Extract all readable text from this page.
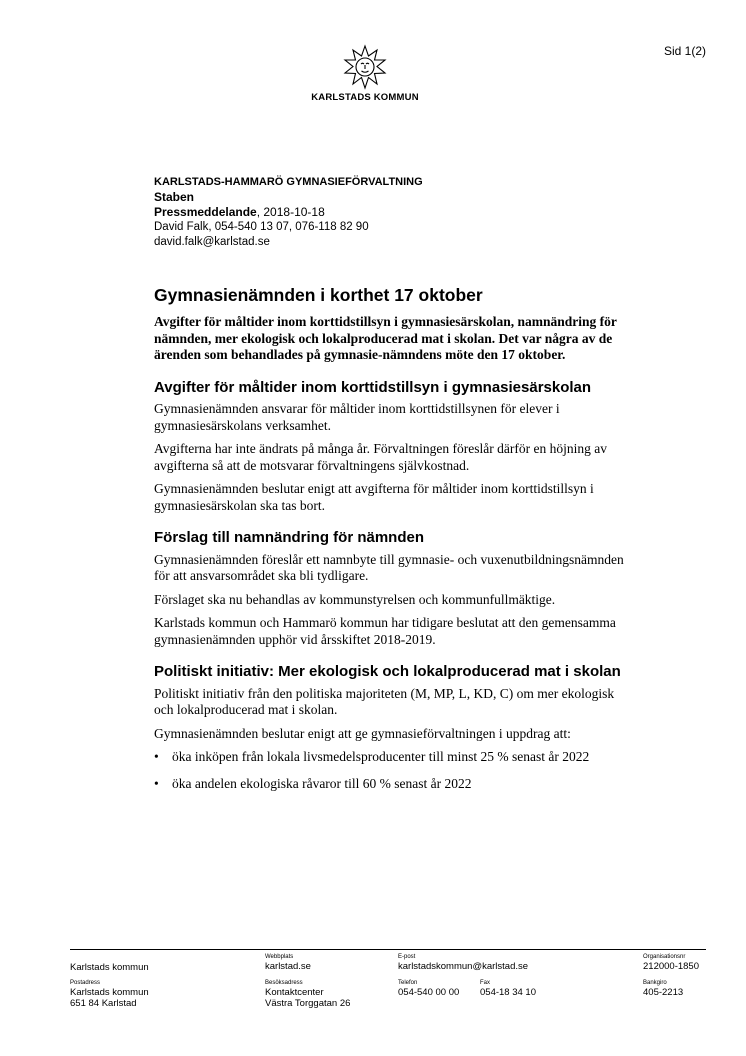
Sid 1(2)
KARLSTADS KOMMUN
KARLSTADS-HAMMARÖ GYMNASIEFÖRVALTNING
Staben
Pressmeddelande, 2018-10-18
David Falk, 054-540 13 07, 076-118 82 90
david.falk@karlstad.se
Gymnasienämnden i korthet 17 oktober
Avgifter för måltider inom korttidstillsyn i gymnasiesärskolan, namnändring för nämnden, mer ekologisk och lokalproducerad mat i skolan. Det var några av de ärenden som behandlades på gymnasie-nämndens möte den 17 oktober.
Avgifter för måltider inom korttidstillsyn i gymnasiesärskolan

Gymnasienämnden ansvarar för måltider inom korttidstillsynen för elever i gymnasiesärskolans verksamhet.

Avgifterna har inte ändrats på många år. Förvaltningen föreslår därför en höjning av avgifterna så att de motsvarar förvaltningens självkostnad.

Gymnasienämnden beslutar enigt att avgifterna för måltider inom korttidstillsyn i gymnasiesärskolan ska tas bort.

Förslag till namnändring för nämnden

Gymnasienämnden föreslår ett namnbyte till gymnasie- och vuxenutbildningsnämnden för att ansvarsområdet ska bli tydligare.

Förslaget ska nu behandlas av kommunstyrelsen och kommunfullmäktige.

Karlstads kommun och Hammarö kommun har tidigare beslutat att den gemensamma gymnasienämnden upphör vid årsskiftet 2018-2019.

Politiskt initiativ: Mer ekologisk och lokalproducerad mat i skolan

Politiskt initiativ från den politiska majoriteten (M, MP, L, KD, C) om mer ekologisk och lokalproducerad mat i skolan.

Gymnasienämnden beslutar enigt att ge gymnasieförvaltningen i uppdrag att:

• öka inköpen från lokala livsmedelsproducenter till minst 25 % senast år 2022
• öka andelen ekologiska råvaror till 60 % senast år 2022
Karlstads kommun
Webbplats
karlstad.se
E-post
karlstadskommun@karlstad.se
Organisationsnr
212000-1850
Postadress
Karlstads kommun
651 84 Karlstad
Besöksadress
Kontaktcenter
Västra Torggatan 26
Telefon
054-540 00 00
Fax
054-18 34 10
Bankgiro
405-2213
